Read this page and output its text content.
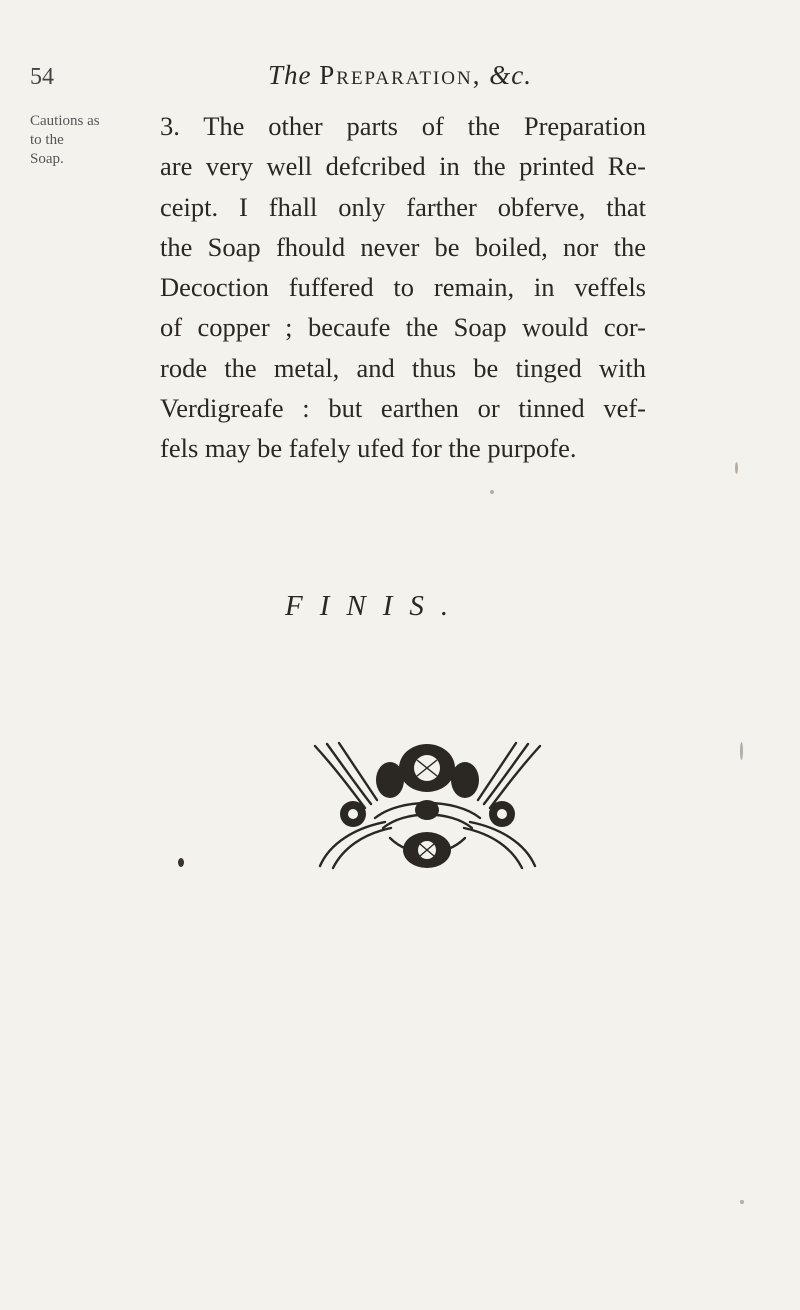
54
Cautions as to the Soap.
The Preparation, &c.
3. The other parts of the Preparation
are very well defcribed in the printed Re-
ceipt. I fhall only farther obferve, that
the Soap fhould never be boiled, nor the
Decoction fuffered to remain, in veffels
of copper ; becaufe the Soap would cor-
rode the metal, and thus be tinged with
Verdigreafe : but earthen or tinned vef-
fels may be fafely ufed for the purpofe.
FINIS.
